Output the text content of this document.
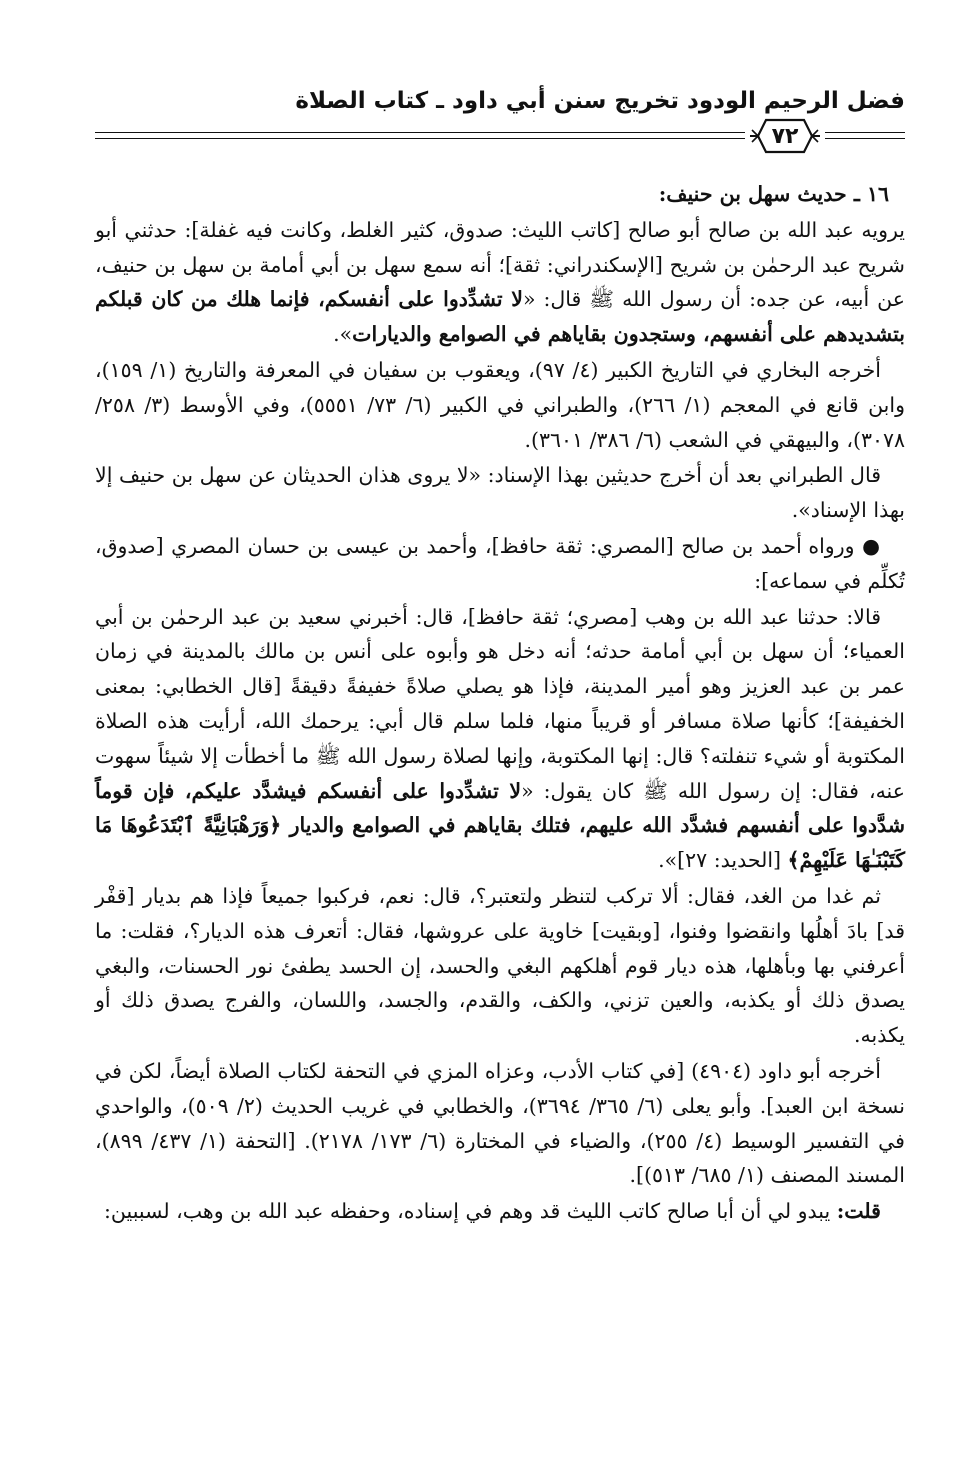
فضل الرحيم الودود تخريج سنن أبي داود ـ كتاب الصلاة
٧٢

١٦ ـ حديث سهل بن حنيف:

يرويه عبد الله بن صالح أبو صالح [كاتب الليث: صدوق، كثير الغلط، وكانت فيه غفلة]: حدثني أبو شريح عبد الرحمٰن بن شريح [الإسكندراني: ثقة]؛ أنه سمع سهل بن أبي أمامة بن سهل بن حنيف، عن أبيه، عن جده: أن رسول الله ﷺ قال: «لا تشدِّدوا على أنفسكم، فإنما هلك من كان قبلكم بتشديدهم على أنفسهم، وستجدون بقاياهم في الصوامع والديارات».

أخرجه البخاري في التاريخ الكبير (٤/ ٩٧)، ويعقوب بن سفيان في المعرفة والتاريخ (١/ ١٥٩)، وابن قانع في المعجم (١/ ٢٦٦)، والطبراني في الكبير (٦/ ٧٣/ ٥٥٥١)، وفي الأوسط (٣/ ٢٥٨/ ٣٠٧٨)، والبيهقي في الشعب (٦/ ٣٨٦/ ٣٦٠١).

قال الطبراني بعد أن أخرج حديثين بهذا الإسناد: «لا يروى هذان الحديثان عن سهل بن حنيف إلا بهذا الإسناد».

● ورواه أحمد بن صالح [المصري: ثقة حافظ]، وأحمد بن عيسى بن حسان المصري [صدوق، تُكلِّم في سماعه]:

قالا: حدثنا عبد الله بن وهب [مصري؛ ثقة حافظ]، قال: أخبرني سعيد بن عبد الرحمٰن بن أبي العمياء؛ أن سهل بن أبي أمامة حدثه؛ أنه دخل هو وأبوه على أنس بن مالك بالمدينة في زمان عمر بن عبد العزيز وهو أمير المدينة، فإذا هو يصلي صلاةً خفيفةً دقيقةً [قال الخطابي: بمعنى الخفيفة]؛ كأنها صلاة مسافر أو قريباً منها، فلما سلم قال أبي: يرحمك الله، أرأيت هذه الصلاة المكتوبة أو شيء تنفلته؟ قال: إنها المكتوبة، وإنها لصلاة رسول الله ﷺ ما أخطأت إلا شيئاً سهوت عنه، فقال: إن رسول الله ﷺ كان يقول: «لا تشدِّدوا على أنفسكم فيشدَّد عليكم، فإن قوماً شدَّدوا على أنفسهم فشدَّد الله عليهم، فتلك بقاياهم في الصوامع والديار ﴿وَرَهْبَانِيَّةً ٱبْتَدَعُوهَا مَا كَتَبْنَـٰهَا عَلَيْهِمْ﴾ [الحديد: ٢٧]».

ثم غدا من الغد، فقال: ألا تركب لتنظر ولتعتبر؟، قال: نعم، فركبوا جميعاً فإذا هم بديار [قفْر قد] بادَ أهلُها وانقضوا وفنوا، [وبقيت] خاوية على عروشها، فقال: أتعرف هذه الديار؟، فقلت: ما أعرفني بها وبأهلها، هذه ديار قوم أهلكهم البغي والحسد، إن الحسد يطفئ نور الحسنات، والبغي يصدق ذلك أو يكذبه، والعين تزني، والكف، والقدم، والجسد، واللسان، والفرج يصدق ذلك أو يكذبه.

أخرجه أبو داود (٤٩٠٤) [في كتاب الأدب، وعزاه المزي في التحفة لكتاب الصلاة أيضاً، لكن في نسخة ابن العبد]. وأبو يعلى (٦/ ٣٦٥/ ٣٦٩٤)، والخطابي في غريب الحديث (٢/ ٥٠٩)، والواحدي في التفسير الوسيط (٤/ ٢٥٥)، والضياء في المختارة (٦/ ١٧٣/ ٢١٧٨). [التحفة (١/ ٤٣٧/ ٨٩٩)، المسند المصنف (١/ ٦٨٥/ ٥١٣)].

قلت: يبدو لي أن أبا صالح كاتب الليث قد وهم في إسناده، وحفظه عبد الله بن وهب، لسببين:
